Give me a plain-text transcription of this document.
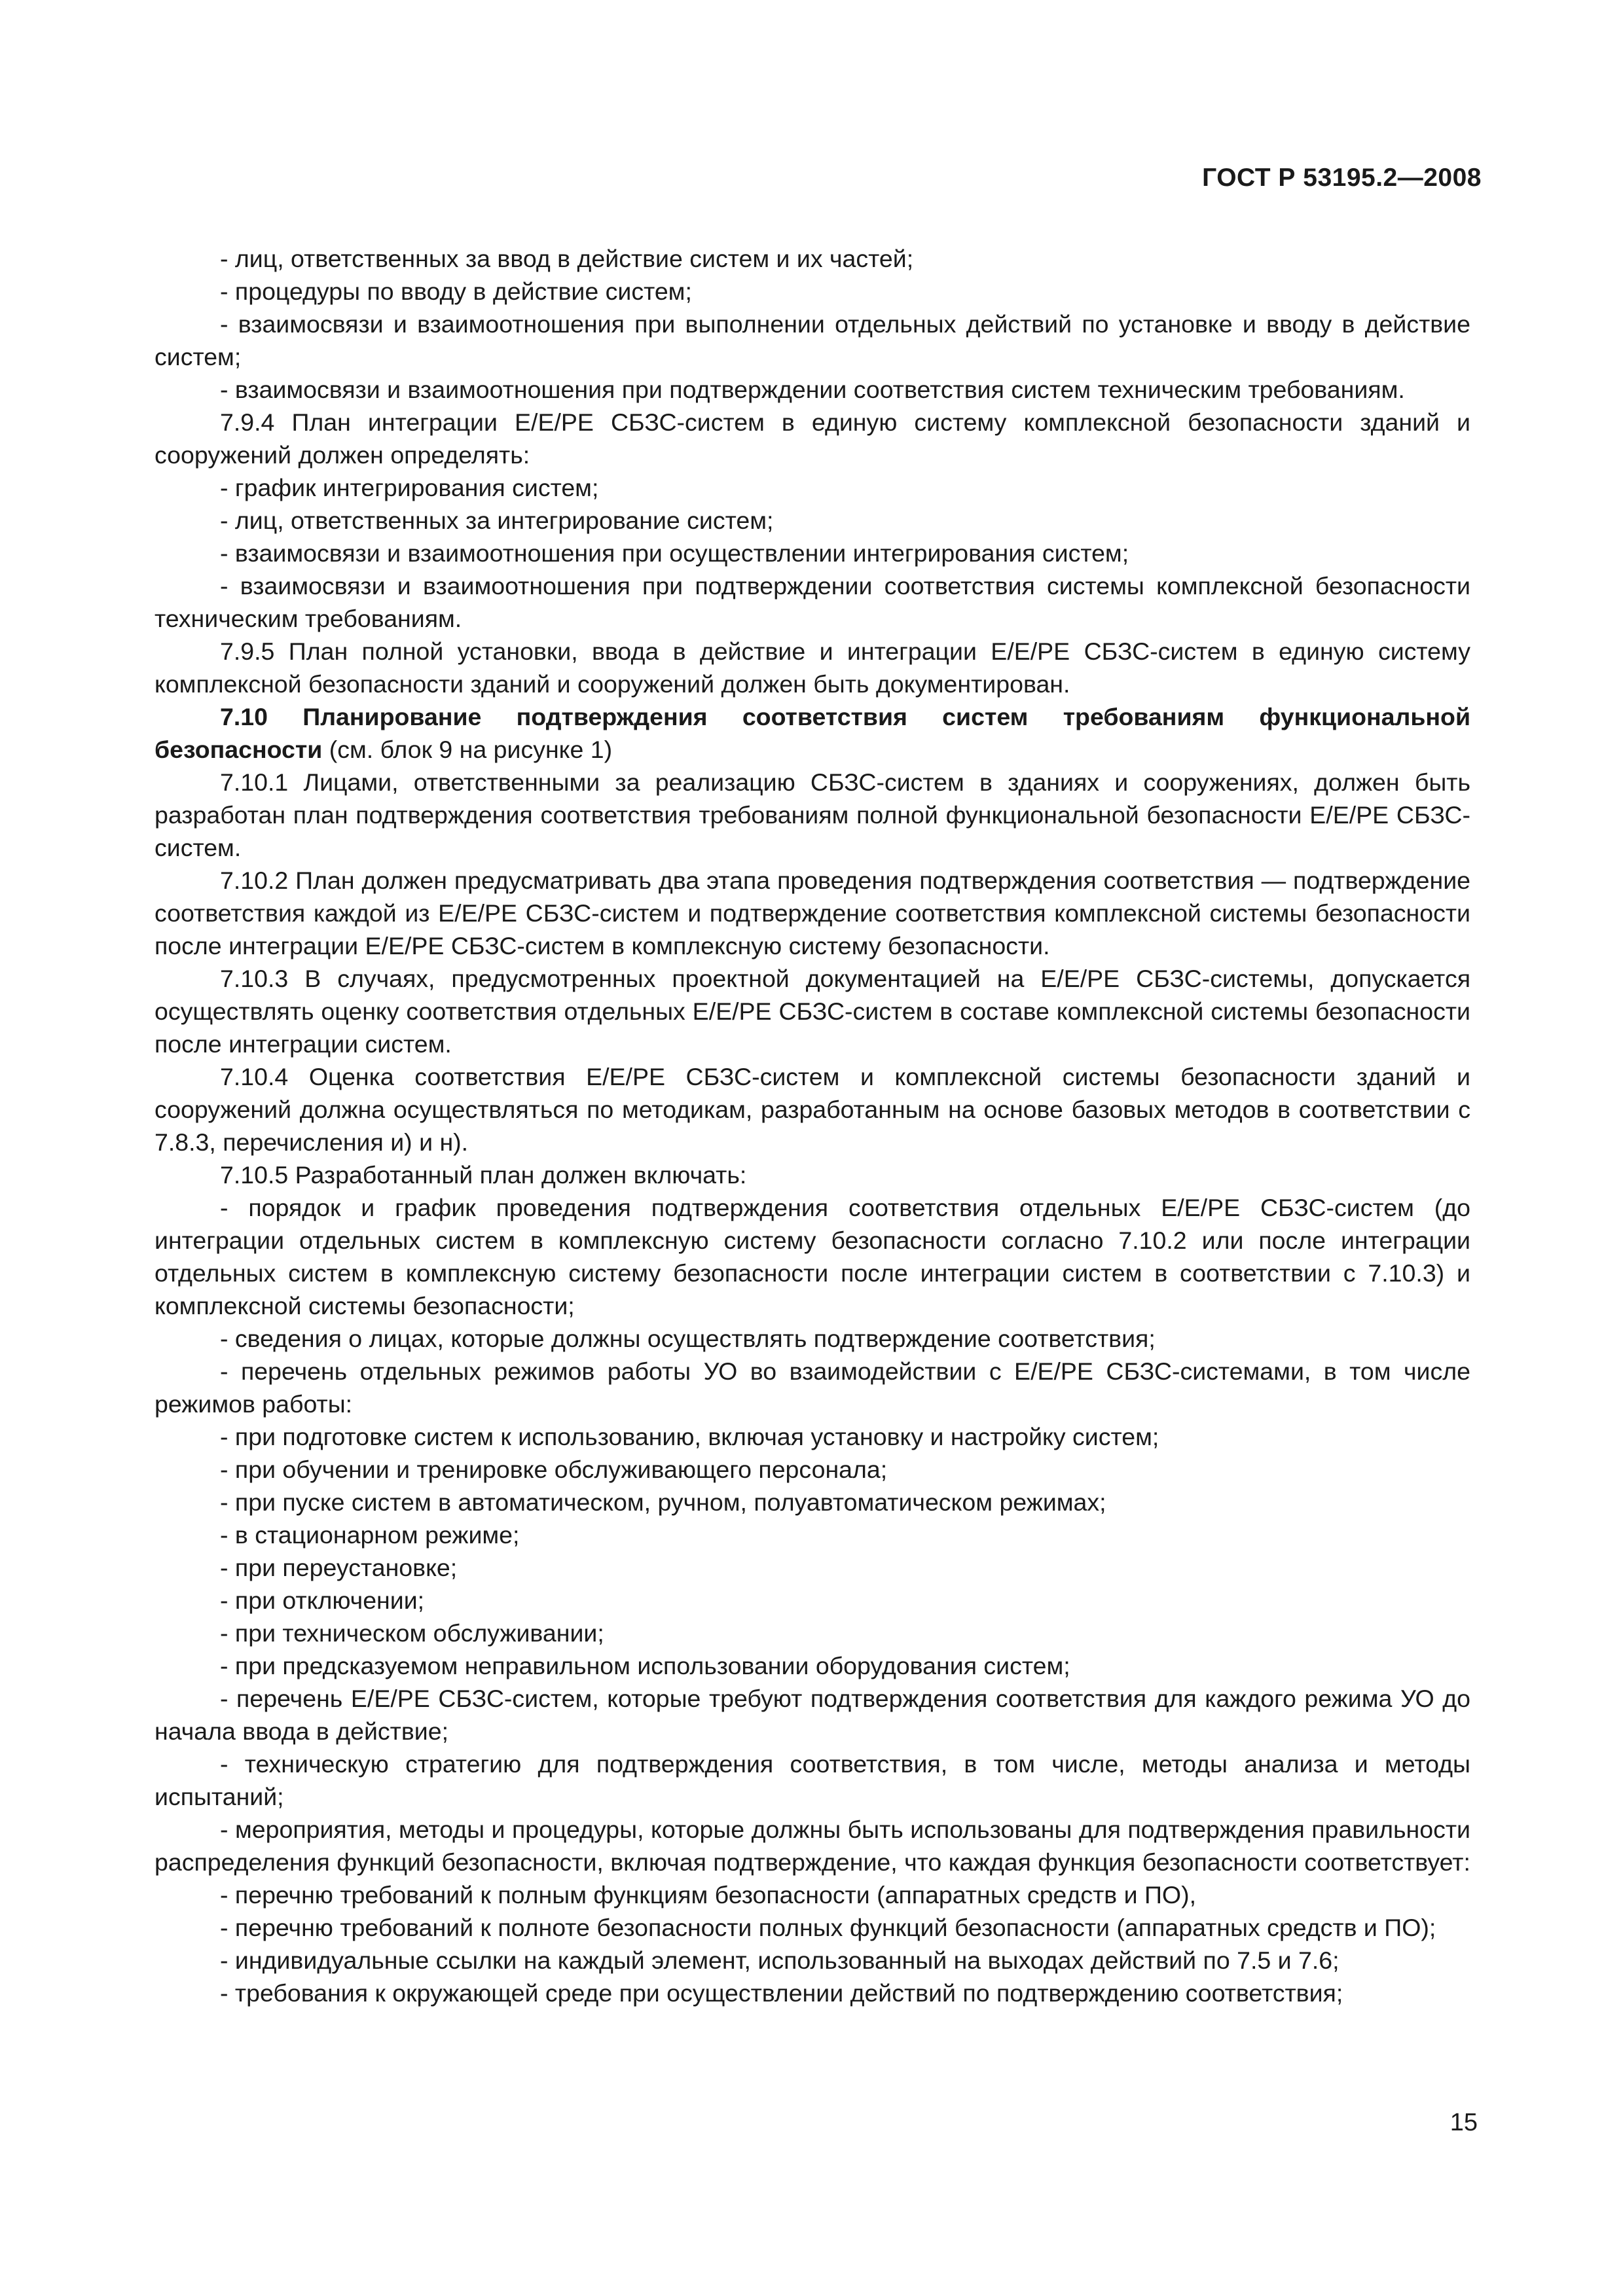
ГОСТ Р 53195.2—2008

- лиц, ответственных за ввод в действие систем и их частей;

- процедуры по вводу в действие систем;

- взаимосвязи и взаимоотношения при выполнении отдельных действий по установке и вводу в действие систем;

- взаимосвязи и взаимоотношения при подтверждении соответствия систем техническим требованиям.

7.9.4 План интеграции Е/Е/РЕ СБЗС-систем в единую систему комплексной безопасности зданий и сооружений должен определять:

- график интегрирования систем;

- лиц, ответственных за интегрирование систем;

- взаимосвязи и взаимоотношения при осуществлении интегрирования систем;

- взаимосвязи и взаимоотношения при подтверждении соответствия системы комплексной безопасности техническим требованиям.

7.9.5 План полной установки, ввода в действие и интеграции Е/Е/РЕ СБЗС-систем в единую систему комплексной безопасности зданий и сооружений должен быть документирован.

7.10 Планирование подтверждения соответствия систем требованиям функциональной безопасности (см. блок 9 на рисунке 1)

7.10.1 Лицами, ответственными за реализацию СБЗС-систем в зданиях и сооружениях, должен быть разработан план подтверждения соответствия требованиям полной функциональной безопасности Е/Е/РЕ СБЗС-систем.

7.10.2 План должен предусматривать два этапа проведения подтверждения соответствия — подтверждение соответствия каждой из Е/Е/РЕ СБЗС-систем и подтверждение соответствия комплексной системы безопасности после интеграции Е/Е/РЕ СБЗС-систем в комплексную систему безопасности.

7.10.3 В случаях, предусмотренных проектной документацией на Е/Е/РЕ СБЗС-системы, допускается осуществлять оценку соответствия отдельных Е/Е/РЕ СБЗС-систем в составе комплексной системы безопасности после интеграции систем.

7.10.4 Оценка соответствия Е/Е/РЕ СБЗС-систем и комплексной системы безопасности зданий и сооружений должна осуществляться по методикам, разработанным на основе базовых методов в соответствии с 7.8.3, перечисления и) и н).

7.10.5 Разработанный план должен включать:

- порядок и график проведения подтверждения соответствия отдельных Е/Е/РЕ СБЗС-систем (до интеграции отдельных систем в комплексную систему безопасности согласно 7.10.2 или после интеграции отдельных систем в комплексную систему безопасности после интеграции систем в соответствии с 7.10.3) и комплексной системы безопасности;

- сведения о лицах, которые должны осуществлять подтверждение соответствия;

- перечень отдельных режимов работы УО во взаимодействии с Е/Е/РЕ СБЗС-системами, в том числе режимов работы:

- при подготовке систем к использованию, включая установку и настройку систем;

- при обучении и тренировке обслуживающего персонала;

- при пуске систем в автоматическом, ручном, полуавтоматическом режимах;

- в стационарном режиме;

- при переустановке;

- при отключении;

- при техническом обслуживании;

- при предсказуемом неправильном использовании оборудования систем;

- перечень Е/Е/РЕ СБЗС-систем, которые требуют подтверждения соответствия для каждого режима УО до начала ввода в действие;

- техническую стратегию для подтверждения соответствия, в том числе, методы анализа и методы испытаний;

- мероприятия, методы и процедуры, которые должны быть использованы для подтверждения правильности распределения функций безопасности, включая подтверждение, что каждая функция безопасности соответствует:

- перечню требований к полным функциям безопасности (аппаратных средств и ПО),

- перечню требований к полноте безопасности полных функций безопасности (аппаратных средств и ПО);

- индивидуальные ссылки на каждый элемент, использованный на выходах действий по 7.5 и 7.6;

- требования к окружающей среде при осуществлении действий по подтверждению соответствия;

15
